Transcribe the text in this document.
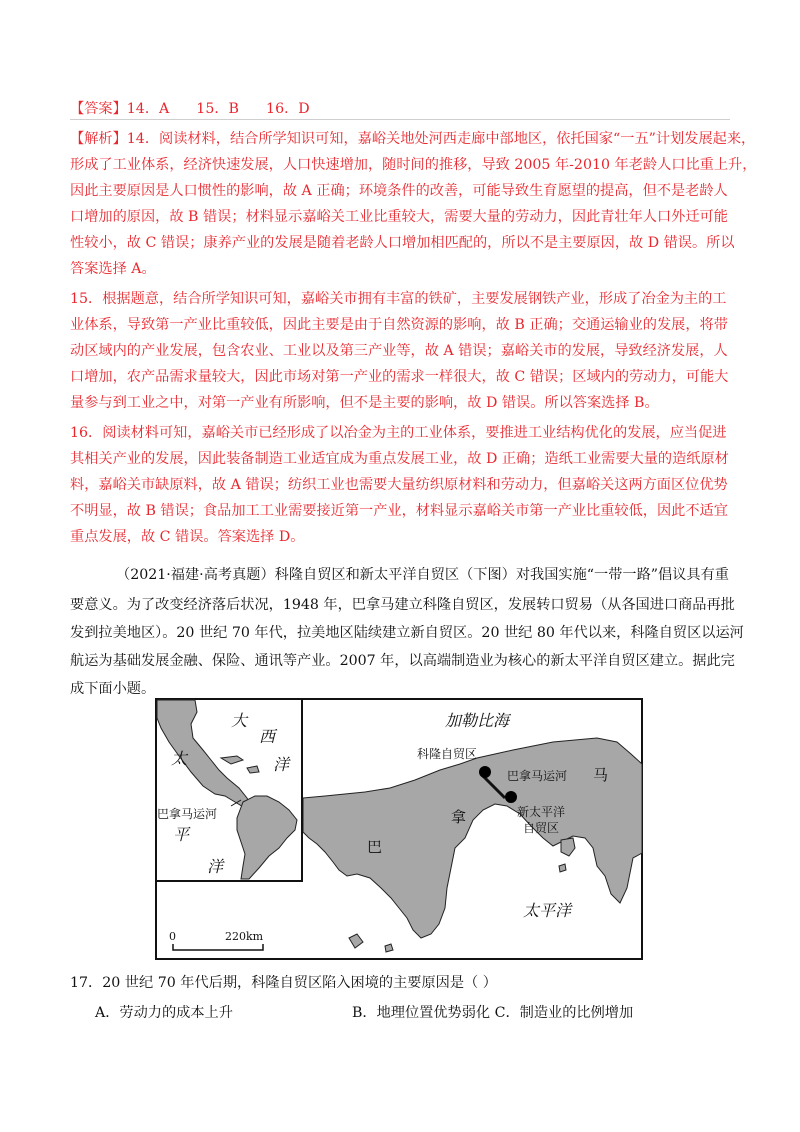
【答案】14．A      15．B      16．D
【解析】14．阅读材料，结合所学知识可知，嘉峪关地处河西走廊中部地区，依托国家“一五”计划发展起来，
形成了工业体系，经济快速发展，人口快速增加，随时间的推移，导致 2005 年-2010 年老龄人口比重上升，
因此主要原因是人口惯性的影响，故 A 正确；环境条件的改善，可能导致生育愿望的提高，但不是老龄人
口增加的原因，故 B 错误；材料显示嘉峪关工业比重较大，需要大量的劳动力，因此青壮年人口外迁可能
性较小，故 C 错误；康养产业的发展是随着老龄人口增加相匹配的，所以不是主要原因，故 D 错误。所以
答案选择 A。
15．根据题意，结合所学知识可知，嘉峪关市拥有丰富的铁矿，主要发展钢铁产业，形成了冶金为主的工
业体系，导致第一产业比重较低，因此主要是由于自然资源的影响，故 B 正确；交通运输业的发展，将带
动区域内的产业发展，包含农业、工业以及第三产业等，故 A 错误；嘉峪关市的发展，导致经济发展，人
口增加，农产品需求量较大，因此市场对第一产业的需求一样很大，故 C 错误；区域内的劳动力，可能大
量参与到工业之中，对第一产业有所影响，但不是主要的影响，故 D 错误。所以答案选择 B。
16．阅读材料可知，嘉峪关市已经形成了以冶金为主的工业体系，要推进工业结构优化的发展，应当促进
其相关产业的发展，因此装备制造工业适宜成为重点发展工业，故 D 正确；造纸工业需要大量的造纸原材
料，嘉峪关市缺原料，故 A 错误；纺织工业也需要大量纺织原材料和劳动力，但嘉峪关这两方面区位优势
不明显，故 B 错误；食品加工工业需要接近第一产业，材料显示嘉峪关市第一产业比重较低，因此不适宜
重点发展，故 C 错误。答案选择 D。
（2021·福建·高考真题）科隆自贸区和新太平洋自贸区（下图）对我国实施“一带一路”倡议具有重
要意义。为了改变经济落后状况，1948 年，巴拿马建立科隆自贸区，发展转口贸易（从各国进口商品再批
发到拉美地区）。20 世纪 70 年代，拉美地区陆续建立新自贸区。20 世纪 80 年代以来，科隆自贸区以运河
航运为基础发展金融、保险、通讯等产业。2007 年，以高端制造业为核心的新太平洋自贸区建立。据此完
成下面小题。
大
西
洋
太
平
洋
巴拿马运河
加勒比海
科隆自贸区
巴拿马运河
新太平洋
自贸区
巴
拿
马
太平洋
0	220km
17．20 世纪 70 年代后期，科隆自贸区陷入困境的主要原因是（ ）
A．劳动力的成本上升	B．地理位置优势弱化 C．制造业的比例增加
